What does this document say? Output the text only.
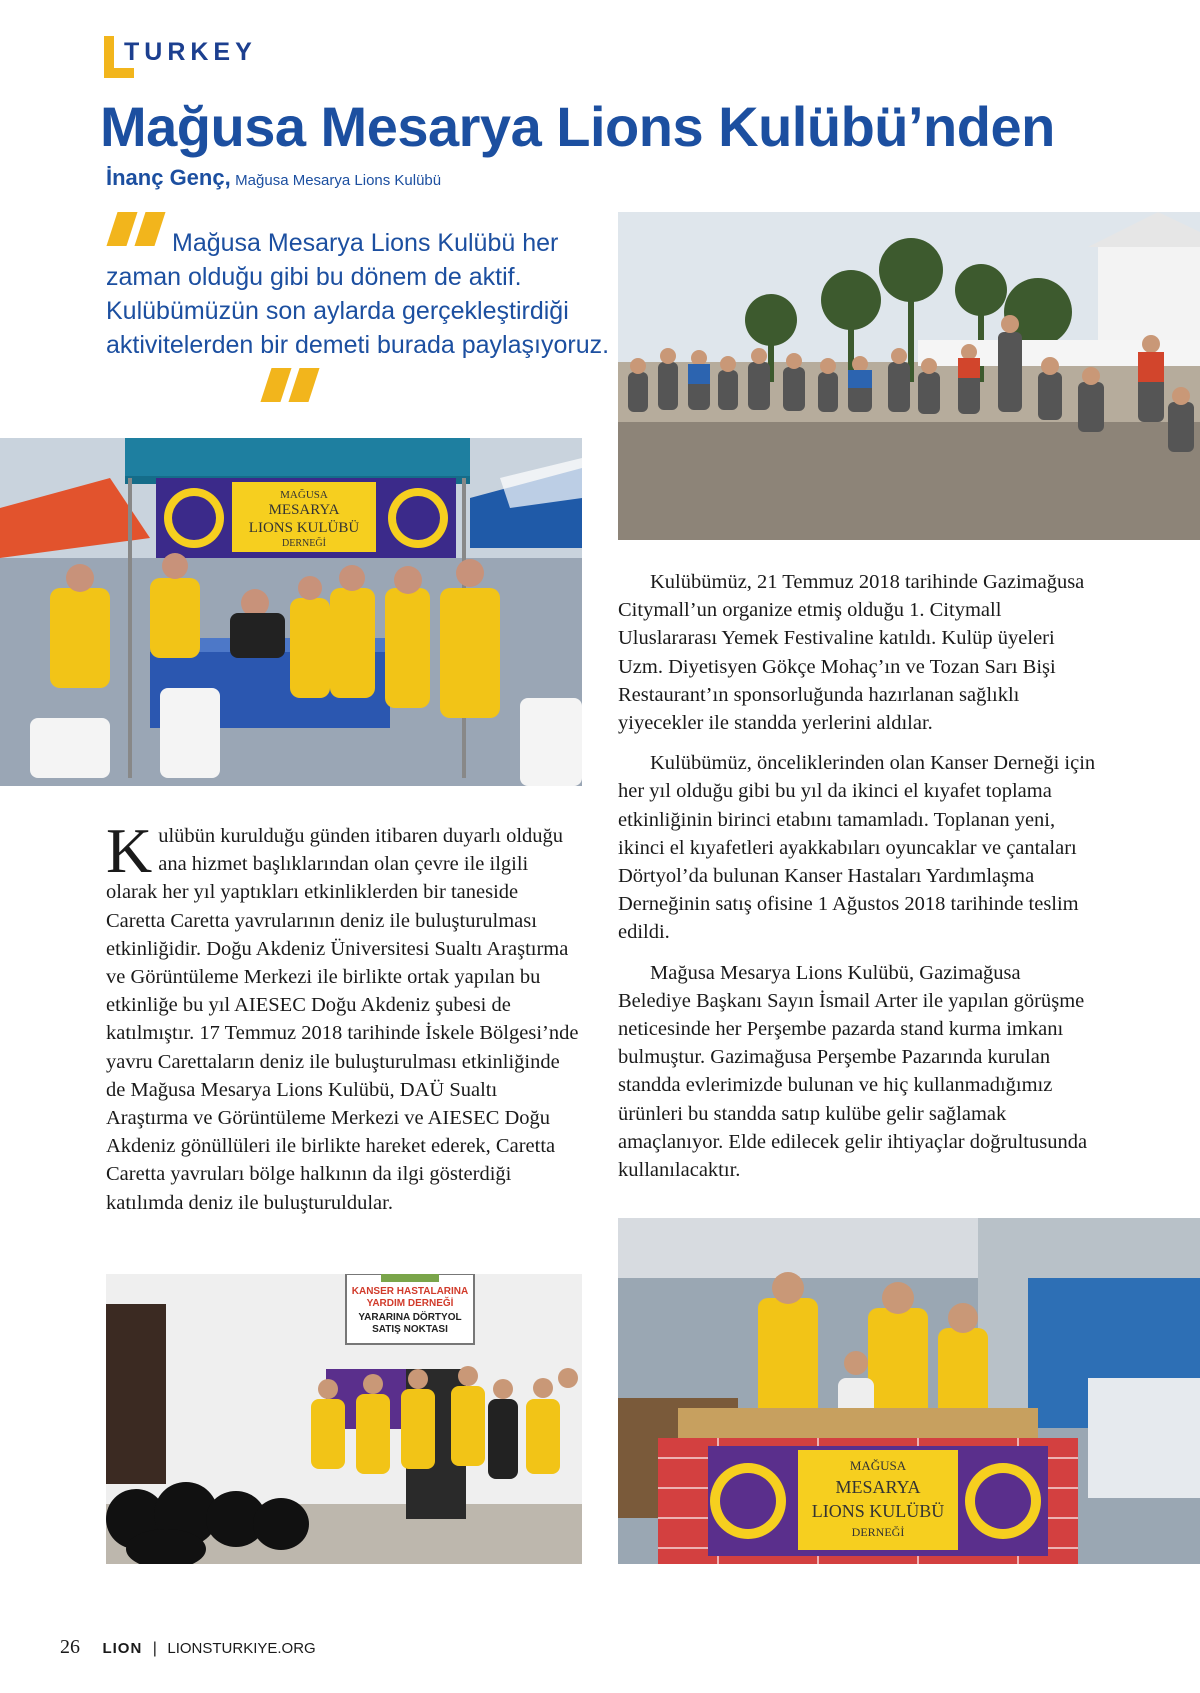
TURKEY
Mağusa Mesarya Lions Kulübü’nden
İnanç Genç, Mağusa Mesarya Lions Kulübü
Mağusa Mesarya Lions Kulübü her zaman olduğu gibi bu dönem de aktif. Kulübümüzün son aylarda gerçekleştirdiği aktivitelerden bir demeti burada paylaşıyoruz.
MAĞUSA
MESARYA
LIONS KULÜBÜ
DERNEĞİ
KANSER HASTALARINA
YARDIM DERNEĞİ
YARARINA DÖRTYOL
SATIŞ NOKTASI
MAĞUSA
MESARYA
LIONS KULÜBÜ
DERNEĞİ

Kulübün kurulduğu günden itibaren duyarlı olduğu ana hizmet başlıklarından olan çevre ile ilgili olarak her yıl yaptıkları etkinliklerden bir taneside Caretta Caretta yavrularının deniz ile buluşturulması etkinliğidir. Doğu Akdeniz Üniversitesi Sualtı Araştırma ve Görüntüleme Merkezi ile birlikte ortak yapılan bu etkinliğe bu yıl AIESEC Doğu Akdeniz şubesi de katılmıştır. 17 Temmuz 2018 tarihinde İskele Bölgesi’nde yavru Carettaların deniz ile buluşturulması etkinliğinde de Mağusa Mesarya Lions Kulübü, DAÜ Sualtı Araştırma ve Görüntüleme Merkezi ve AIESEC Doğu Akdeniz gönüllüleri ile birlikte hareket ederek, Caretta Caretta yavruları bölge halkının da ilgi gösterdiği katılımda deniz ile buluşturuldular.

Kulübümüz, 21 Temmuz 2018 tarihinde Gazimağusa Citymall’un organize etmiş olduğu 1. Citymall Uluslararası Yemek Festivaline katıldı. Kulüp üyeleri Uzm. Diyetisyen Gökçe Mohaç’ın ve Tozan Sarı Bişi Restaurant’ın sponsorluğunda hazırlanan sağlıklı yiyecekler ile standda yerlerini aldılar.

Kulübümüz, önceliklerinden olan Kanser Derneği için her yıl olduğu gibi bu yıl da ikinci el kıyafet toplama etkinliğinin birinci etabını tamamladı. Toplanan yeni, ikinci el kıyafetleri ayakkabıları oyuncaklar ve çantaları Dörtyol’da bulunan Kanser Hastaları Yardımlaşma Derneğinin satış ofisine 1 Ağustos 2018 tarihinde teslim edildi.

Mağusa Mesarya Lions Kulübü, Gazimağusa Belediye Başkanı Sayın İsmail Arter ile yapılan görüşme neticesinde her Perşembe pazarda stand kurma imkanı bulmuştur. Gazimağusa Perşembe Pazarında kurulan standda evlerimizde bulunan ve hiç kullanmadığımız ürünleri bu standda satıp kulübe gelir sağlamak amaçlanıyor. Elde edilecek gelir ihtiyaçlar doğrultusunda kullanılacaktır.

26 LION | LIONSTURKIYE.ORG
